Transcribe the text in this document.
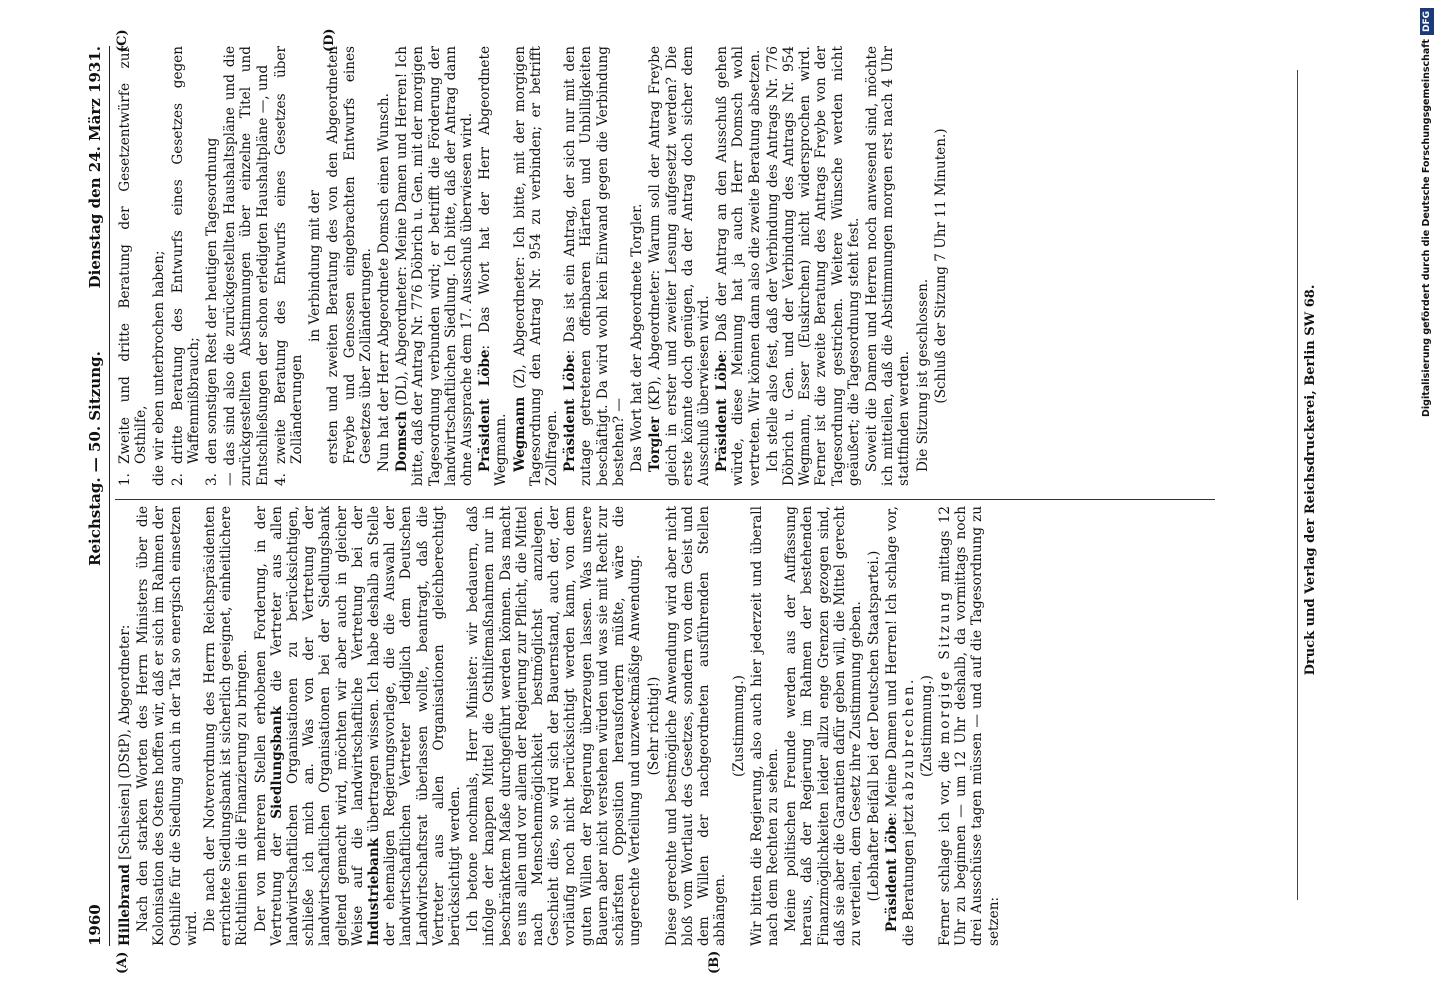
1960
Reichstag. — 50. Sitzung.
Dienstag den 24. März 1931.
(A)	(B)
(C)	(D)

Hillebrand [Schlesien] (DStP), Abgeordneter: Nach den starken Worten des Herrn Ministers über die Kolonisation des Ostens hoffen wir, daß er sich im Rahmen der Osthilfe für die Siedlung auch in der Tat so energisch einsetzen wird. Die nach der Notverordnung des Herrn Reichspräsidenten errichtete Siedlungsbank ist sicherlich geeignet, einheitlichere Richtlinien in die Finanzierung zu bringen. Der von mehreren Stellen erhobenen Forderung, in der Vertretung der Siedlungsbank die Vertreter aus allen landwirtschaftlichen Organisationen zu berücksichtigen, schließe ich mich an. Was von der Vertretung der landwirtschaftlichen Organisationen bei der Siedlungsbank geltend gemacht wird, möchten wir aber auch in gleicher Weise auf die landwirtschaftliche Vertretung bei der Industriebank übertragen wissen. Ich habe deshalb an Stelle der ehemaligen Regierungsvorlage, die die Auswahl der landwirtschaftlichen Vertreter lediglich dem Deutschen Landwirtschaftsrat überlassen wollte, beantragt, daß die Vertreter aus allen Organisationen gleichberechtigt berücksichtigt werden. Ich betone nochmals, Herr Minister: wir bedauern, daß infolge der knappen Mittel die Osthilfemaßnahmen nur in beschränktem Maße durchgeführt werden können. Das macht es uns allen und vor allem der Regierung zur Pflicht, die Mittel nach Menschenmöglichkeit bestmöglichst anzulegen. Geschieht dies, so wird sich der Bauernstand, auch der, der vorläufig noch nicht berücksichtigt werden kann, von dem guten Willen der Regierung überzeugen lassen. Was unsere Bauern aber nicht verstehen würden und was sie mit Recht zur schärfsten Opposition herausfordern müßte, wäre die ungerechte Verteilung und unzweckmäßige Anwendung. (Sehr richtig!) Diese gerechte und bestmögliche Anwendung wird aber nicht bloß vom Wortlaut des Gesetzes, sondern von dem Geist und dem Willen der nachgeordneten ausführenden Stellen abhängen.

(Zustimmung.) Wir bitten die Regierung, also auch hier jederzeit und überall nach dem Rechten zu sehen. Meine politischen Freunde werden aus der Auffassung heraus, daß der Regierung im Rahmen der bestehenden Finanzmöglichkeiten leider allzu enge Grenzen gezogen sind, daß sie aber die Garantien dafür geben will, die Mittel gerecht zu verteilen, dem Gesetz ihre Zustimmung geben. (Lebhafter Beifall bei der Deutschen Staatspartei.) Präsident Löbe: Meine Damen und Herren! Ich schlage vor, die Beratungen jetzt abzubrechen. (Zustimmung.)

Ferner schlage ich vor, die morgige Sitzung mittags 12 Uhr zu beginnen — um 12 Uhr deshalb, da vormittags noch drei Ausschüsse tagen müssen — und auf die Tagesordnung zu setzen:

1.Zweite und dritte Beratung der Gesetzentwürfe zur Osthilfe, die wir eben unterbrochen haben; 2.dritte Beratung des Entwurfs eines Gesetzes gegen Waffenmißbrauch;

3.den sonstigen Rest der heutigen Tagesordnung — das sind also die zurückgestellten Haushaltspläne und die zurückgestellten Abstimmungen über einzelne Titel und Entschließungen der schon erledigten Haushaltpläne —, und 4.zweite Beratung des Entwurfs eines Gesetzes über Zolländerungen

in Verbindung mit der ersten und zweiten Beratung des von den Abgeordneten Freybe und Genossen eingebrachten Entwurfs eines Gesetzes über Zolländerungen. Nun hat der Herr Abgeordnete Domsch einen Wunsch. Domsch (DL), Abgeordneter: Meine Damen und Herren! Ich bitte, daß der Antrag Nr. 776 Döbrich u. Gen. mit der morgigen Tagesordnung verbunden wird; er betrifft die Förderung der landwirtschaftlichen Siedlung. Ich bitte, daß der Antrag dann ohne Aussprache dem 17. Ausschuß überwiesen wird. Präsident Löbe: Das Wort hat der Herr Abgeordnete Wegmann. Wegmann (Z), Abgeordneter: Ich bitte, mit der morgigen Tagesordnung den Antrag Nr. 954 zu verbinden; er betrifft Zollfragen. Präsident Löbe: Das ist ein Antrag, der sich nur mit den zutage getretenen offenbaren Härten und Unbilligkeiten beschäftigt. Da wird wohl kein Einwand gegen die Verbindung bestehen? — Das Wort hat der Abgeordnete Torgler. Torgler (KP), Abgeordneter: Warum soll der Antrag Freybe gleich in erster und zweiter Lesung aufgesetzt werden? Die erste könnte doch genügen, da der Antrag doch sicher dem Ausschuß überwiesen wird. Präsident Löbe: Daß der Antrag an den Ausschuß gehen würde, diese Meinung hat ja auch Herr Domsch wohl vertreten. Wir können dann also die zweite Beratung absetzen. Ich stelle also fest, daß der Verbindung des Antrags Nr. 776 Döbrich u. Gen. und der Verbindung des Antrags Nr. 954 Wegmann, Esser (Euskirchen) nicht widersprochen wird. Ferner ist die zweite Beratung des Antrags Freybe von der Tagesordnung gestrichen. Weitere Wünsche werden nicht geäußert; die Tagesordnung steht fest. Soweit die Damen und Herren noch anwesend sind, möchte ich mitteilen, daß die Abstimmungen morgen erst nach 4 Uhr stattfinden werden. Die Sitzung ist geschlossen. (Schluß der Sitzung 7 Uhr 11 Minuten.)	Digitalisierung gefördert durch die Deutsche ForschungsgemeinschaftDFG
Druck und Verlag der Reichsdruckerei, Berlin SW 68.
